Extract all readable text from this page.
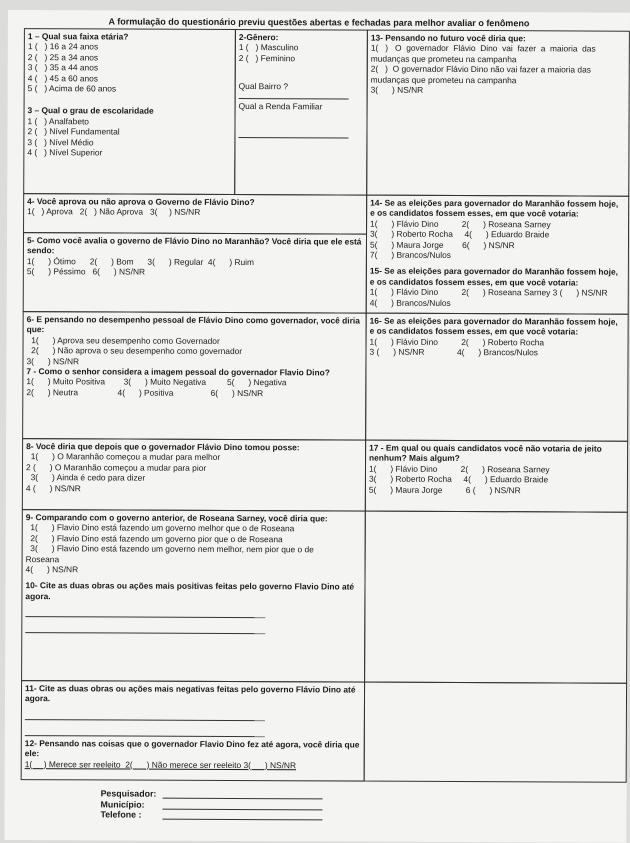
A formulação do questionário previu questões abertas e fechadas para melhor avaliar o fenômeno

1 – Qual sua faixa etária?

1 (   ) 16 a 24 anos

2 (   ) 25 a 34 anos

3 (   ) 35 a 44 anos

4 (   ) 45 a 60 anos

5 (   ) Acima de 60 anos

3 – Qual o grau de escolaridade

1 (   ) Analfabeto

2 (   ) Nível Fundamental

3 (   ) Nível Médio

4 (   ) Nível Superior

2-Gênero:

1 (   ) Masculino

2 (   ) Feminino

Qual Bairro ?

Qual a Renda Familiar

13- Pensando no futuro você diria que:

1(   )   O  governador  Flávio  Dino  vai  fazer  a  maioria  das

mudanças que prometeu na campanha

2(   )  O governador Flávio Dino não vai fazer a maioria das

mudanças que prometeu na campanha

3(      ) NS/NR

4- Você aprova ou não aprova o Governo de Flávio Dino?

1(   ) Aprova   2(   ) Não Aprova   3(     ) NS/NR

5- Como você avalia o governo de Flávio Dino no Maranhão? Você diria que ele está sendo:

1(      ) Ótimo      2(      ) Bom      3(      ) Regular  4(      ) Ruim

5(      ) Péssimo   6(      ) NS/NR

14- Se as eleições para governador do Maranhão fossem hoje, e os candidatos fossem esses, em que você votaria:

1(      ) Flávio Dino          2(      ) Roseana Sarney

3(      ) Roberto Rocha     4(      ) Eduardo Braide

5(      ) Maura Jorge        6(      ) NS/NR

7(      ) Brancos/Nulos

15- Se as eleições para governador do Maranhão fossem hoje, e os candidatos fossem esses, em que você votaria:

1(      ) Flávio Dino          2(      ) Roseana Sarney 3 (      ) NS/NR

4(      ) Brancos/Nulos

6- E pensando no desempenho pessoal de Flávio Dino como governador, você diria que:

1(      ) Aprova seu desempenho como Governador

2(      ) Não aprova o seu desempenho como governador

3(      ) NS/NR

7 - Como o senhor considera a imagem pessoal do governador Flavio Dino?

1(      ) Muito Positiva        3(      ) Muito Negativa         5(      ) Negativa

2(      ) Neutra                 4(      ) Positiva                6(      ) NS/NR

16- Se as eleições para governador do Maranhão fossem hoje, e os candidatos fossem esses, em que você votaria:

1(      ) Flávio Dino          2(      ) Roberto Rocha

3 (      ) NS/NR              4(      ) Brancos/Nulos

8- Você diria que depois que o governador Flávio Dino tomou posse:

1(      ) O Maranhão começou a mudar para melhor

2 (      ) O Maranhão começou a mudar para pior

3(      ) Ainda é cedo para dizer

4 (      ) NS/NR

17 - Em qual ou quais candidatos você não votaria de jeito nenhum? Mais algum?

1(      ) Flávio Dino          2(      ) Roseana Sarney

3(      ) Roberto Rocha     4(      ) Eduardo Braide

5(      ) Maura Jorge          6 (      ) NS/NR

9- Comparando com o governo anterior, de Roseana Sarney, você diria que:

1(      ) Flavio Dino está fazendo um governo melhor que o de Roseana

2(      ) Flavio Dino está fazendo um governo pior que o de Roseana

3(      ) Flavio Dino está fazendo um governo nem melhor, nem pior que o de

Roseana

4(      ) NS/NR

10- Cite as duas obras ou ações mais positivas feitas pelo governo Flavio Dino até agora.

11- Cite as duas obras ou ações mais negativas feitas pelo governo Flávio Dino até agora.

12- Pensando nas coisas que o governador Flavio Dino fez até agora, você diria que ele:

1(     ) Merece ser reeleito  2(      ) Não merece ser reeleito 3(      ) NS/NR

Pesquisador:
Município:
Telefone :
